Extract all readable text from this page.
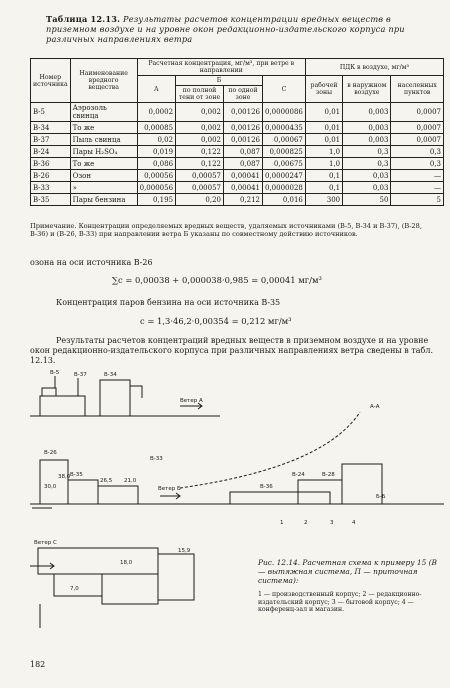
Таблица 12.13. Результаты расчетов концентрации вредных веществ в приземном воздухе и на уровне окон редакционно-издательского корпуса при различных направлениях ветра
Номер источника	Наименование вредного вещества	Расчетная концентрация, мг/м³, при ветре в направлении				ПДК в воздухе, мг/м³		
		А	Б		С	рабочей зоны	в наружном воздухе	населенных пунктов
			по полной тени от зоне	по одной зоне				
В-5	Аэрозоль свинца	0,0002	0,002	0,00126	0,0000086	0,01	0,003	0,0007
В-34	То же	0,00085	0,002	0,00126	0,0000435	0,01	0,003	0,0007
В-37	Пыль свинца	0,02	0,002	0,00126	0,00067	0,01	0,003	0,0007
В-24	Пары H₂SO₄	0,019	0,122	0,087	0,000825	1,0	0,3	0,3
В-36	То же	0,086	0,122	0,087	0,00675	1,0	0,3	0,3
В-26	Озон	0,00056	0,00057	0,00041	0,0000247	0,1	0,03	—
В-33	»	0,000056	0,00057	0,00041	0,0000028	0,1	0,03	—
В-35	Пары бензина	0,195	0,20	0,212	0,016	300	50	5
Примечание. Концентрации определяемых вредных веществ, удаляемых источниками (В-5, В-34 и В-37), (В-28, В-36) и (В-26, В-33) при направлении ветра Б указаны по совместному действию источников.
озона на оси источника В-26
∑c = 0,00038 + 0,000038·0,985 = 0,00041 мг/м³
Концентрация паров бензина на оси источника В-35
c = 1,3·46,2·0,00354 = 0,212 мг/м³
Результаты расчетов концентраций вредных веществ в приземном воздухе и на уровне окон редакционно-издательского корпуса при различных направлениях ветра сведены в табл. 12.13.
В-5	В-37	В-34
Ветер А
А-А
В-33
В-26
В-35
В-36
В-24	В-28
Ветер Б
Ветер С
Б-Б
1	2	3	4
38,0
30,0
26,5 21,0
15,9
18,0
7,0
Рис. 12.14. Расчетная схема к примеру 15 (В — вытяжная система, П — приточная система):
1 — производственный корпус; 2 — редакционно-издательский корпус; 3 — бытовой корпус; 4 — конференц-зал и магазин.
182
